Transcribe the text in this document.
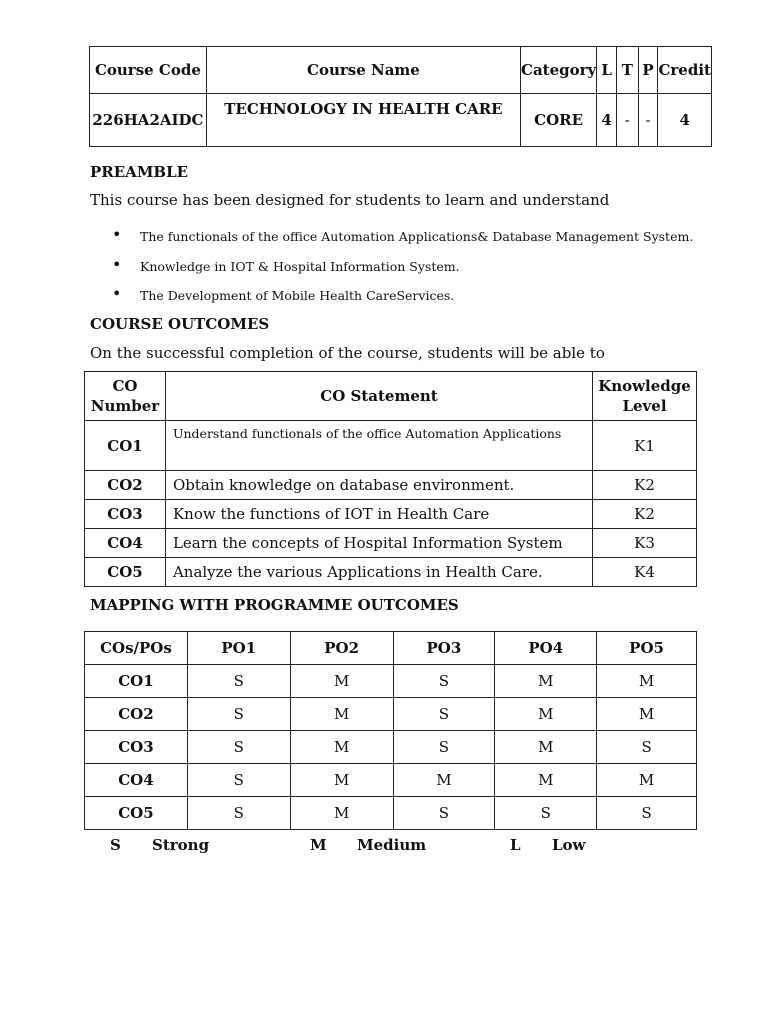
Course Code	Course Name	Category	L	T	P	Credit
226HA2AIDC	TECHNOLOGY IN HEALTH CARE	CORE	4	-	-	4
PREAMBLE
This course has been designed for students to learn and understand
• The functionals of the office Automation Applications& Database Management System.
• Knowledge in IOT & Hospital Information System.
• The Development of Mobile Health CareServices.
COURSE OUTCOMES
On the successful completion of the course, students will be able to
CO Number	CO Statement	Knowledge Level
CO1	Understand functionals of the office Automation Applications	K1
CO2	Obtain knowledge on database environment.	K2
CO3	Know the functions of IOT in Health Care	K2
CO4	Learn the concepts of Hospital Information System	K3
CO5	Analyze the various Applications in Health Care.	K4
MAPPING WITH PROGRAMME OUTCOMES
COs/POs	PO1	PO2	PO3	PO4	PO5
CO1	S	M	S	M	M
CO2	S	M	S	M	M
CO3	S	M	S	M	S
CO4	S	M	M	M	M
CO5	S	M	S	S	S
S Strong	M Medium	L Low
